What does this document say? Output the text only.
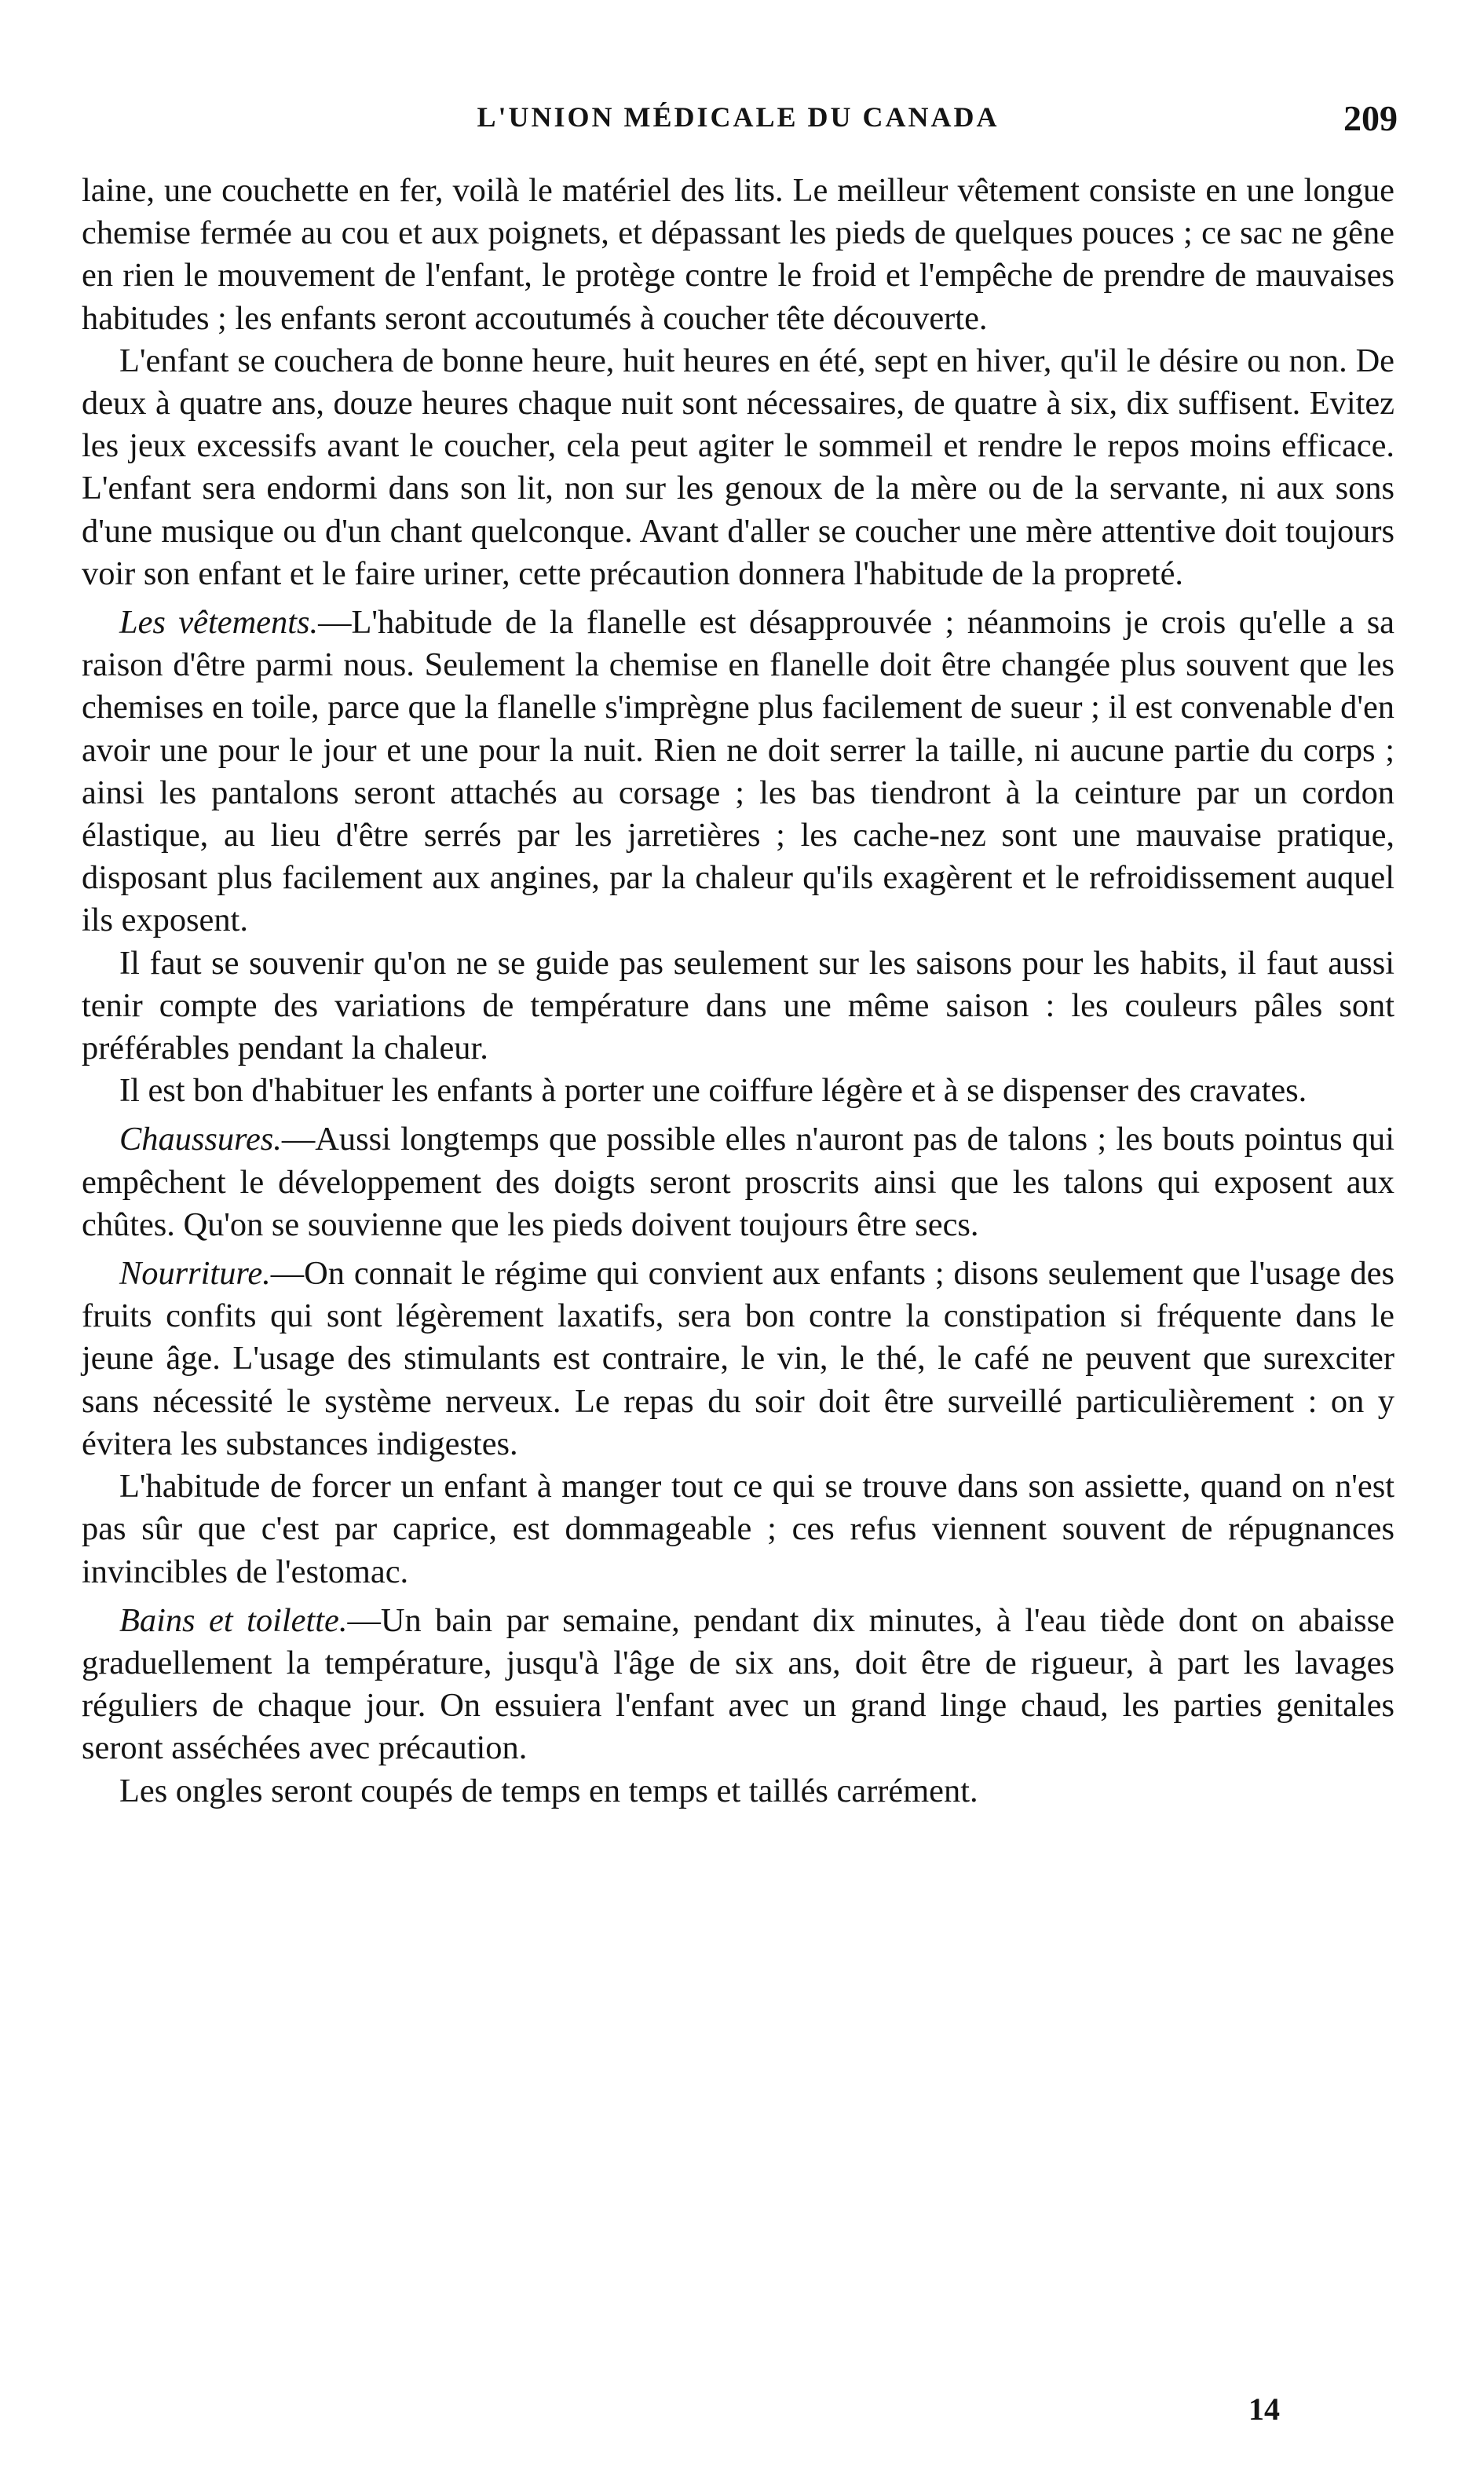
L'UNION MÉDICALE DU CANADA	209

laine, une couchette en fer, voilà le matériel des lits. Le meilleur vêtement consiste en une longue chemise fermée au cou et aux poignets, et dépassant les pieds de quelques pouces ; ce sac ne gêne en rien le mouvement de l'enfant, le protège contre le froid et l'empêche de prendre de mauvaises habitudes ; les enfants seront accoutumés à coucher tête découverte.

L'enfant se couchera de bonne heure, huit heures en été, sept en hiver, qu'il le désire ou non. De deux à quatre ans, douze heures chaque nuit sont nécessaires, de quatre à six, dix suffisent. Evitez les jeux excessifs avant le coucher, cela peut agiter le sommeil et rendre le repos moins efficace. L'enfant sera endormi dans son lit, non sur les genoux de la mère ou de la servante, ni aux sons d'une musique ou d'un chant quelconque. Avant d'aller se coucher une mère attentive doit toujours voir son enfant et le faire uriner, cette précaution donnera l'habitude de la propreté.

Les vêtements.—L'habitude de la flanelle est désapprouvée ; néanmoins je crois qu'elle a sa raison d'être parmi nous. Seulement la chemise en flanelle doit être changée plus souvent que les chemises en toile, parce que la flanelle s'imprègne plus facilement de sueur ; il est convenable d'en avoir une pour le jour et une pour la nuit. Rien ne doit serrer la taille, ni aucune partie du corps ; ainsi les pantalons seront attachés au corsage ; les bas tiendront à la ceinture par un cordon élastique, au lieu d'être serrés par les jarretières ; les cache-nez sont une mauvaise pratique, disposant plus facilement aux angines, par la chaleur qu'ils exagèrent et le refroidissement auquel ils exposent.

Il faut se souvenir qu'on ne se guide pas seulement sur les saisons pour les habits, il faut aussi tenir compte des variations de température dans une même saison : les couleurs pâles sont préférables pendant la chaleur.

Il est bon d'habituer les enfants à porter une coiffure légère et à se dispenser des cravates.

Chaussures.—Aussi longtemps que possible elles n'auront pas de talons ; les bouts pointus qui empêchent le développement des doigts seront proscrits ainsi que les talons qui exposent aux chûtes. Qu'on se souvienne que les pieds doivent toujours être secs.

Nourriture.—On connait le régime qui convient aux enfants ; disons seulement que l'usage des fruits confits qui sont légèrement laxatifs, sera bon contre la constipation si fréquente dans le jeune âge. L'usage des stimulants est contraire, le vin, le thé, le café ne peuvent que surexciter sans nécessité le système nerveux. Le repas du soir doit être surveillé particulièrement : on y évitera les substances indigestes.

L'habitude de forcer un enfant à manger tout ce qui se trouve dans son assiette, quand on n'est pas sûr que c'est par caprice, est dommageable ; ces refus viennent souvent de répugnances invincibles de l'estomac.

Bains et toilette.—Un bain par semaine, pendant dix minutes, à l'eau tiède dont on abaisse graduellement la température, jusqu'à l'âge de six ans, doit être de rigueur, à part les lavages réguliers de chaque jour. On essuiera l'enfant avec un grand linge chaud, les parties genitales seront asséchées avec précaution.

Les ongles seront coupés de temps en temps et taillés carrément.

14
